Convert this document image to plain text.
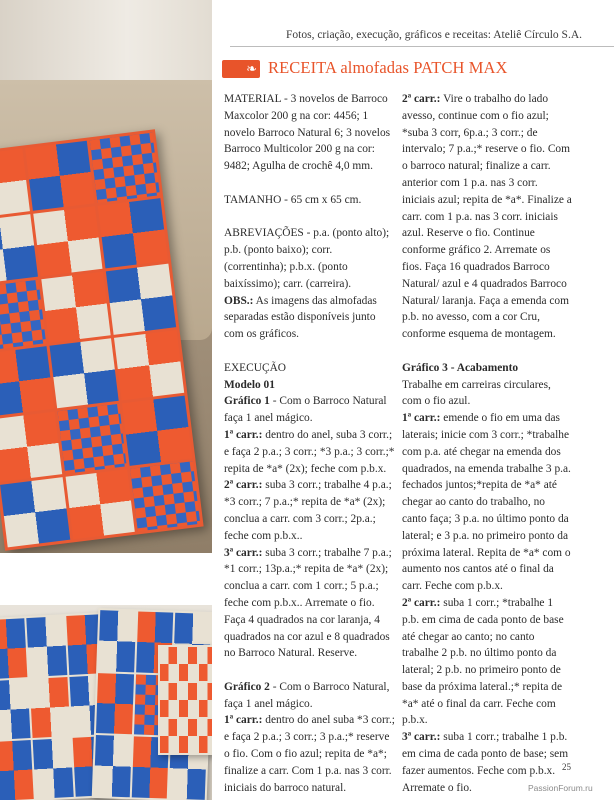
Fotos, criação, execução, gráficos e receitas: Ateliê Círculo S.A.
❧ RECEITA almofadas PATCH MAX

MATERIAL - 3 novelos de Barroco Maxcolor 200 g na cor: 4456; 1 novelo Barroco Natural 6; 3 novelos Barroco Multicolor 200 g na cor: 9482; Agulha de crochê 4,0 mm.

TAMANHO - 65 cm x 65 cm.

ABREVIAÇÕES - p.a. (ponto alto); p.b. (ponto baixo); corr. (correntinha); p.b.x. (ponto baixíssimo); carr. (carreira).

OBS.: As imagens das almofadas separadas estão disponíveis junto com os gráficos.

EXECUÇÃO

Modelo 01

Gráfico 1 - Com o Barroco Natural faça 1 anel mágico.

1ª carr.: dentro do anel, suba 3 corr.; e faça 2 p.a.; 3 corr.; *3 p.a.; 3 corr.;* repita de *a* (2x); feche com p.b.x.

2ª carr.: suba 3 corr.; trabalhe 4 p.a.; *3 corr.; 7 p.a.;* repita de *a* (2x); conclua a carr. com 3 corr.; 2p.a.; feche com p.b.x..

3ª carr.: suba 3 corr.; trabalhe 7 p.a.; *1 corr.; 13p.a.;* repita de *a* (2x); conclua a carr. com 1 corr.; 5 p.a.; feche com p.b.x.. Arremate o fio. Faça 4 quadrados na cor laranja, 4 quadrados na cor azul e 8 quadrados no Barroco Natural. Reserve.

Gráfico 2 - Com o Barroco Natural, faça 1 anel mágico.

1ª carr.: dentro do anel suba *3 corr.; e faça 2 p.a.; 3 corr.; 3 p.a.;* reserve o fio. Com o fio azul; repita de *a*; finalize a carr. Com 1 p.a. nas 3 corr. iniciais do barroco natural.

2ª carr.: Vire o trabalho do lado avesso, continue com o fio azul; *suba 3 corr, 6p.a.; 3 corr.; de intervalo; 7 p.a.;* reserve o fio. Com o barroco natural; finalize a carr. anterior com 1 p.a. nas 3 corr. iniciais azul; repita de *a*. Finalize a carr. com 1 p.a. nas 3 corr. iniciais azul. Reserve o fio. Continue conforme gráfico 2. Arremate os fios. Faça 16 quadrados Barroco Natural/ azul e 4 quadrados Barroco Natural/ laranja. Faça a emenda com p.b. no avesso, com a cor Cru, conforme esquema de montagem.

Gráfico 3 - Acabamento

Trabalhe em carreiras circulares, com o fio azul.

1ª carr.: emende o fio em uma das laterais; inicie com 3 corr.; *trabalhe com p.a. até chegar na emenda dos quadrados, na emenda trabalhe 3 p.a. fechados juntos;*repita de *a* até chegar ao canto do trabalho, no canto faça; 3 p.a. no último ponto da lateral; e 3 p.a. no primeiro ponto da próxima lateral. Repita de *a* com o aumento nos cantos até o final da carr. Feche com p.b.x.

2ª carr.: suba 1 corr.; *trabalhe 1 p.b. em cima de cada ponto de base até chegar ao canto; no canto trabalhe 2 p.b. no último ponto da lateral; 2 p.b. no primeiro ponto de base da próxima lateral.;* repita de *a* até o final da carr. Feche com p.b.x.

3ª carr.: suba 1 corr.; trabalhe 1 p.b. em cima de cada ponto de base; sem fazer aumentos. Feche com p.b.x. Arremate o fio.

25
PassionForum.ru
